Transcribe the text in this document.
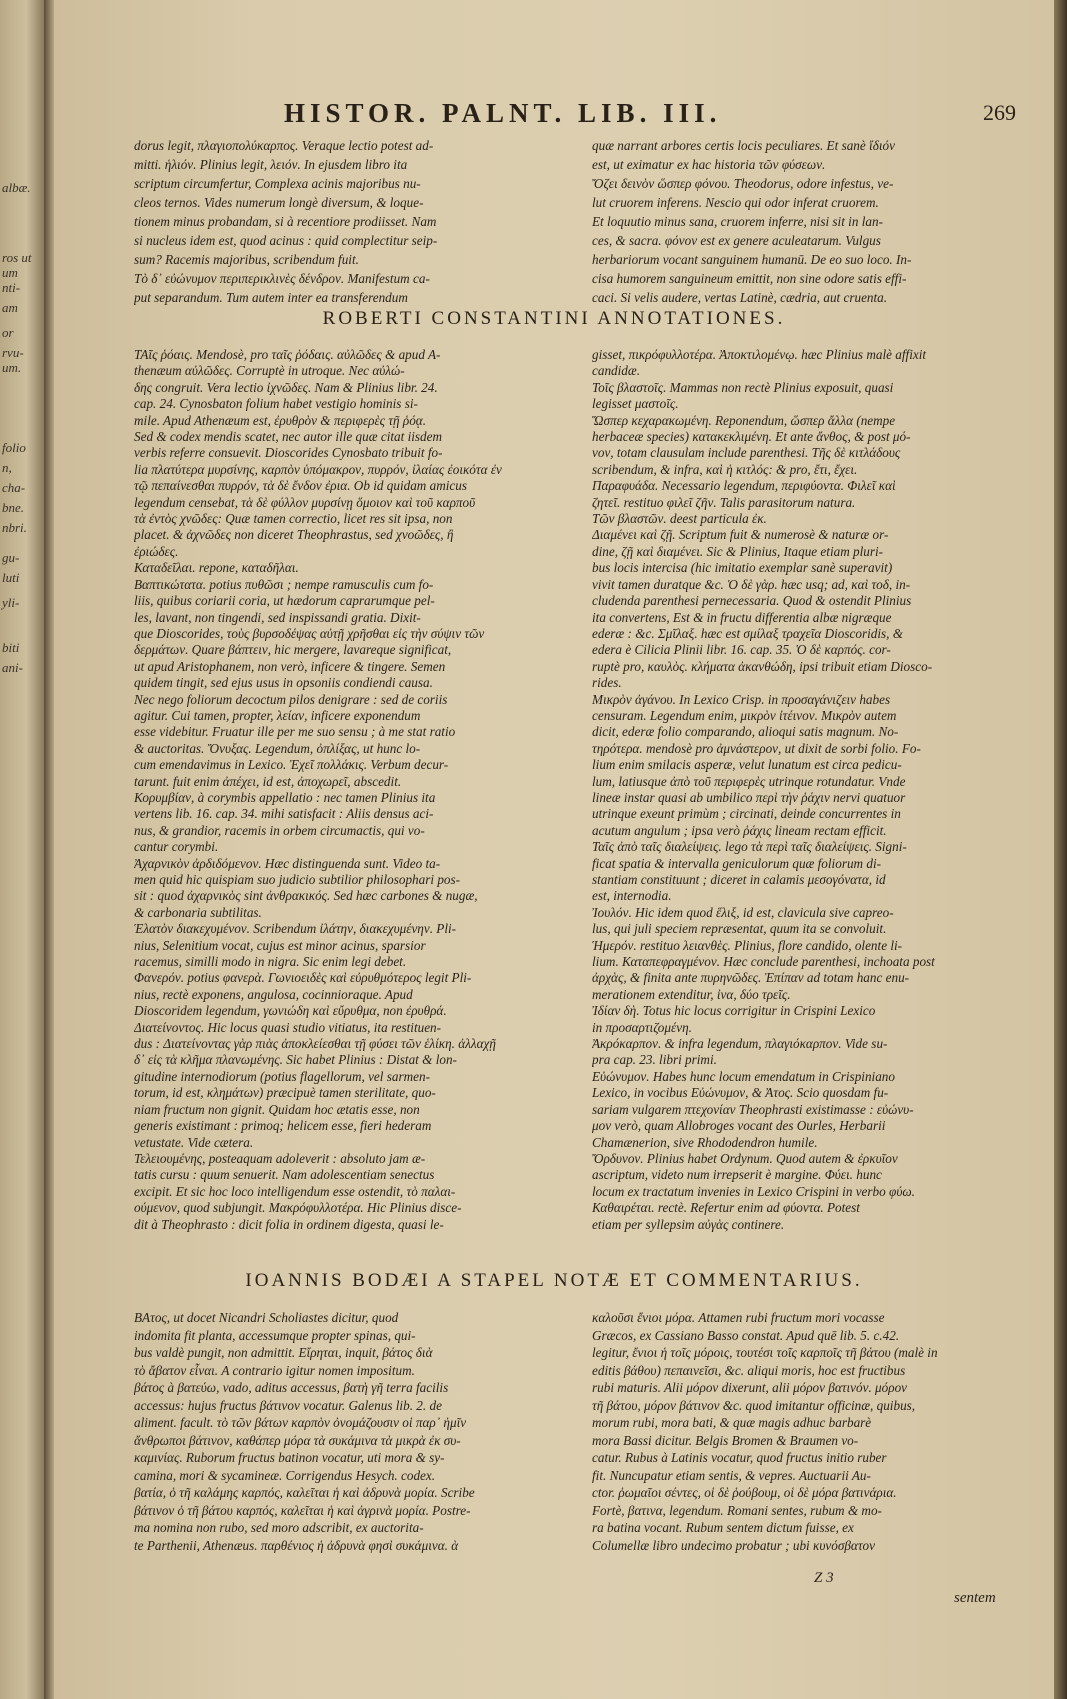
albæ.
ros ut
um
nti-
am
or
rvu-
um.
folio
n,
cha-
bne.
nbri.
gu-
luti
yli-
biti
ani-
HISTOR. PALNT. LIB. III.	269

dorus legit, πλαγιοπολύκαρπος. Veraque lectio potest ad-

mitti. ἡλιόν. Plinius legit, λειόν. In ejusdem libro ita

scriptum circumfertur, Complexa acinis majoribus nu-

cleos ternos. Vides numerum longè diversum, & loque-

tionem minus probandam, si à recentiore prodiisset. Nam

si nucleus idem est, quod acinus : quid complectitur seip-

sum? Racemis majoribus, scribendum fuit.

Τὸ δ᾽ εὐώνυμον περιπερικλινὲς δένδρον. Manifestum ca-

put separandum. Tum autem inter ea transferendum

quæ narrant arbores certis locis peculiares. Et sanè ἴδιόν

est, ut eximatur ex hac historia τῶν φύσεων.

Ὄζει δεινὸν ὥσπερ φόνου. Theodorus, odore infestus, ve-

lut cruorem inferens. Nescio qui odor inferat cruorem.

Et loquutio minus sana, cruorem inferre, nisi sit in lan-

ces, & sacra. φόνον est ex genere aculeatarum. Vulgus

herbariorum vocant sanguinem humanū. De eo suo loco. In-

cisa humorem sanguineum emittit, non sine odore satis effi-

caci. Si velis audere, vertas Latinè, cædria, aut cruenta.

ROBERTI CONSTANTINI ANNOTATIONES.

TAῖς ῥόαις. Mendosè, pro ταῖς ῥόδαις. αὐλῶδες & apud A-

thenæum αὐλῶδες. Corruptè in utroque. Nec αὐλώ-

δης congruit. Vera lectio ἰχνῶδες. Nam & Plinius libr. 24.

cap. 24. Cynosbaton folium habet vestigio hominis si-

mile. Apud Athenæum est, ἐρυθρὸν & περιφερὲς τῇ ῥόᾳ.

Sed & codex mendis scatet, nec autor ille quæ citat iisdem

verbis referre consuevit. Dioscorides Cynosbato tribuit fo-

lia πλατύτερα μυρσίνης, καρπὸν ὑπόμακρον, πυρρόν, ἰλαίας ἐοικότα ἐν

τῷ πεπαίνεσθαι πυρρόν, τὰ δὲ ἔνδον ἐρια. Ob id quidam amicus

legendum censebat, τὰ δὲ φύλλον μυρσίνῃ ὅμοιον καὶ τοῦ καρποῦ

τὰ ἐντὸς χνῶδες: Quæ tamen correctio, licet res sit ipsa, non

placet. & ἀχνῶδες non diceret Theophrastus, sed χνοῶδες, ἢ

ἐριώδες.

Καταδεῖλαι. repone, καταδῆλαι.

Βαπτικώτατα. potius πυθῶσι ; nempe ramusculis cum fo-

liis, quibus coriarii coria, ut hædorum caprarumque pel-

les, lavant, non tingendi, sed inspissandi gratia. Dixit-

que Dioscorides, τοὺς βυρσοδέψας αὐτῇ χρῆσθαι εἰς τὴν σύψιν τῶν

δερμάτων. Quare βάπτειν, hic mergere, lavareque significat,

ut apud Aristophanem, non verò, inficere & tingere. Semen

quidem tingit, sed ejus usus in opsoniis condiendi causa.

Nec nego foliorum decoctum pilos denigrare : sed de coriis

agitur. Cui tamen, propter, λείαν, inficere exponendum

esse videbitur. Fruatur ille per me suo sensu ; à me stat ratio

& auctoritas. Ὄνυξας. Legendum, ὀπλίξας, ut hunc lo-

cum emendavimus in Lexico. Ἐχεῖ πολλάκις. Verbum decur-

tarunt. fuit enim ἀπέχει, id est, ἀποχωρεῖ, abscedit.

Κορυμβίαν, à corymbis appellatio : nec tamen Plinius ita

vertens lib. 16. cap. 34. mihi satisfacit : Aliis densus aci-

nus, & grandior, racemis in orbem circumactis, qui vo-

cantur corymbi.

Ἀχαρνικὸν ἀρδιδόμενον. Hæc distinguenda sunt. Video ta-

men quid hic quispiam suo judicio subtilior philosophari pos-

sit : quod ἀχαρνικὸς sint ἀνθρακικός. Sed hæc carbones & nugæ,

& carbonaria subtilitas.

Ἑλατὸν διακεχυμένον. Scribendum ἰλάτην, διακεχυμένην. Pli-

nius, Selenitium vocat, cujus est minor acinus, sparsior

racemus, similli modo in nigra. Sic enim legi debet.

Φανερόν. potius φανερὰ. Γωνιοειδὲς καὶ εὐρυθμότερος legit Pli-

nius, rectè exponens, angulosa, cocinnioraque. Apud

Dioscoridem legendum, γωνιώδη καὶ εὔρυθμα, non ἐρυθρά.

Διατείνοντος. Hic locus quasi studio vitiatus, ita restituen-

dus : Διατείνοντας γὰρ πιὰς ἀποκλείεσθαι τῇ φύσει τῶν ἑλίκη. ἀλλαχῇ

δ᾽ εἰς τὰ κλῆμα πλανωμένης. Sic habet Plinius : Distat & lon-

gitudine internodiorum (potius flagellorum, vel sarmen-

torum, id est, κλημάτων) præcipuè tamen sterilitate, quo-

niam fructum non gignit. Quidam hoc ætatis esse, non

generis existimant : primoq; helicem esse, fieri hederam

vetustate. Vide cætera.

Τελειουμένης, posteaquam adoleverit : absoluto jam æ-

tatis cursu : quum senuerit. Nam adolescentiam senectus

excipit. Et sic hoc loco intelligendum esse ostendit, τὸ παλαι-

ούμενον, quod subjungit. Μακρόφυλλοτέρα. Hic Plinius disce-

dit à Theophrasto : dicit folia in ordinem digesta, quasi le-

gisset, πικρόφυλλοτέρα. Ἀποκτιλομένῳ. hæc Plinius malè affixit

candidæ.

Τοῖς βλαστοῖς. Mammas non rectè Plinius exposuit, quasi

legisset μαστοῖς.

Ὥσπερ κεχαρακωμένη. Reponendum, ὥσπερ ἄλλα (nempe

herbaceæ species) κατακεκλιμένη. Et ante ἄνθος, & post μό-

νον, totam clausulam include parenthesi. Τῆς δὲ κιτλάδους

scribendum, & infra, καὶ ἡ κιτλός: & pro, ἔτι, ἔχει.

Παραφυάδα. Necessario legendum, περιφύοντα. Φιλεῖ καὶ

ζητεῖ. restituo φιλεῖ ζῆν. Talis parasitorum natura.

Τῶν βλαστῶν. deest particula ἐκ.

Διαμένει καὶ ζῇ. Scriptum fuit & numerosè & naturæ or-

dine, ζῇ καὶ διαμένει. Sic & Plinius, Itaque etiam pluri-

bus locis intercisa (hic imitatio exemplar sanè superavit)

vivit tamen duratque &c. Ὁ δὲ γὰρ. hæc usq; ad, καὶ τοδ, in-

cludenda parenthesi pernecessaria. Quod & ostendit Plinius

ita convertens, Est & in fructu differentia albæ nigræque

ederæ : &c. Σμῖλαξ. hæc est σμίλαξ τραχεῖα Dioscoridis, &

edera è Cilicia Plinii libr. 16. cap. 35. Ὁ δὲ καρπός. cor-

ruptè pro, καυλὸς. κλήματα ἀκανθώδη, ipsi tribuit etiam Diosco-

rides.

Μικρὸν ἀγάνου. In Lexico Crisp. in προσαγάνιζειν habes

censuram. Legendum enim, μικρὸν ἰτέινον. Μικρὸν autem

dicit, ederæ folio comparando, alioqui satis magnum. Νο-

τηρότερα. mendosè pro ἀμνάστερον, ut dixit de sorbi folio. Fo-

lium enim smilacis asperæ, velut lunatum est circa pedicu-

lum, latiusque ἀπὸ τοῦ περιφερὲς utrinque rotundatur. Vnde

lineæ instar quasi ab umbilico περὶ τὴν ῥάχιν nervi quatuor

utrinque exeunt primùm ; circinati, deinde concurrentes in

acutum angulum ; ipsa verò ῥάχις lineam rectam efficit.

Ταῖς ἀπὸ ταῖς διαλείψεις. lego τὰ περὶ ταῖς διαλείψεις. Signi-

ficat spatia & intervalla geniculorum quæ foliorum di-

stantiam constituunt ; diceret in calamis μεσογόνατα, id

est, internodia.

Ἰουλόν. Hic idem quod ἕλιξ, id est, clavicula sive capreo-

lus, qui juli speciem repræsentat, quum ita se convoluit.

Ἡμερόν. restituo λειανθὲς. Plinius, flore candido, olente li-

lium. Καταπεφραγμένον. Hæc conclude parenthesi, inchoata post

ἀρχὰς, & finita ante πυρηνῶδες. Ἐπίπαν ad totam hanc enu-

merationem extenditur, ἰνα, δύο τρεῖς.

Ἰδίαν δὴ. Totus hic locus corrigitur in Crispini Lexico

in προσαρτιζομένη.

Ἀκρόκαρπον. & infra legendum, πλαγιόκαρπον. Vide su-

pra cap. 23. libri primi.

Εὐώνυμον. Habes hunc locum emendatum in Crispiniano

Lexico, in vocibus Εὐώνυμον, & Ἀτος. Scio quosdam fu-

sariam vulgarem πτεχονίαν Theophrasti existimasse : εὐώνυ-

μον verò, quam Allobroges vocant des Ourles, Herbarii

Chamænerion, sive Rhododendron humile.

Ὄρδυνον. Plinius habet Ordynum. Quod autem & ἐρκυῖον

ascriptum, videto num irrepserit è margine. Φύει. hunc

locum ex tractatum invenies in Lexico Crispini in verbo φύω.

Καθαιρέται. rectè. Refertur enim ad φύοντα. Potest

etiam per syllepsim αὐγὰς continere.

IOANNIS BODÆI A STAPEL NOTÆ ET COMMENTARIUS.

BAτος, ut docet Nicandri Scholiastes dicitur, quod

indomita fit planta, accessumque propter spinas, qui-

bus valdè pungit, non admittit. Εἴρηται, inquit, βάτος διὰ

τὸ ἄβατον εἶναι. A contrario igitur nomen impositum.

βάτος à βατεύω, vado, aditus accessus, βατὴ γῆ terra facilis

accessus: hujus fructus βάτινον vocatur. Galenus lib. 2. de

aliment. facult. τὸ τῶν βάτων καρπὸν ὀνομάζουσιν οἱ παρ᾽ ἡμῖν

ἄνθρωποι βάτινον, καθάπερ μόρα τὰ συκάμινα τὰ μικρὰ ἐκ συ-

καμινίας. Ruborum fructus batinon vocatur, uti mora & sy-

camina, mori & sycamineæ. Corrigendus Hesych. codex.

βατία, ὁ τῆ καλάμης καρπός, καλεῖται ἡ καὶ ἀδρυνὰ μορία. Scribe

βάτινον ὁ τῆ βάτου καρπός, καλεῖται ἡ καὶ ἀγρινὰ μορία. Postre-

ma nomina non rubo, sed moro adscribit, ex auctorita-

te Parthenii, Athenæus. παρθένιος ἡ ἀδρυνὰ φησὶ συκάμινα. ὰ

καλοῦσι ἔνιοι μόρα. Attamen rubi fructum mori vocasse

Græcos, ex Cassiano Basso constat. Apud quē lib. 5. c.42.

legitur, ἔνιοι ἡ τοῖς μόροις, τουτέσι τοῖς καρποῖς τῆ βάτου (malè in

editis βάθου) πεπαινεῖσι, &c. aliqui moris, hoc est fructibus

rubi maturis. Alii μόρον dixerunt, alii μόρον βατινόν. μόρον

τῆ βάτου, μόρον βάτινον &c. quod imitantur officinæ, quibus,

morum rubi, mora bati, & quæ magis adhuc barbarè

mora Bassi dicitur. Belgis Bromen & Braumen vo-

catur. Rubus à Latinis vocatur, quod fructus initio ruber

fit. Nuncupatur etiam sentis, & vepres. Auctuarii Au-

ctor. ῥωμαῖοι σέντες, οἱ δὲ ῥούβουμ, οἱ δὲ μόρα βατινάρια.

Fortè, βατινα, legendum. Romani sentes, rubum & mo-

ra batina vocant. Rubum sentem dictum fuisse, ex

Columellæ libro undecimo probatur ; ubi κυνόσβατον

Z 3
sentem
